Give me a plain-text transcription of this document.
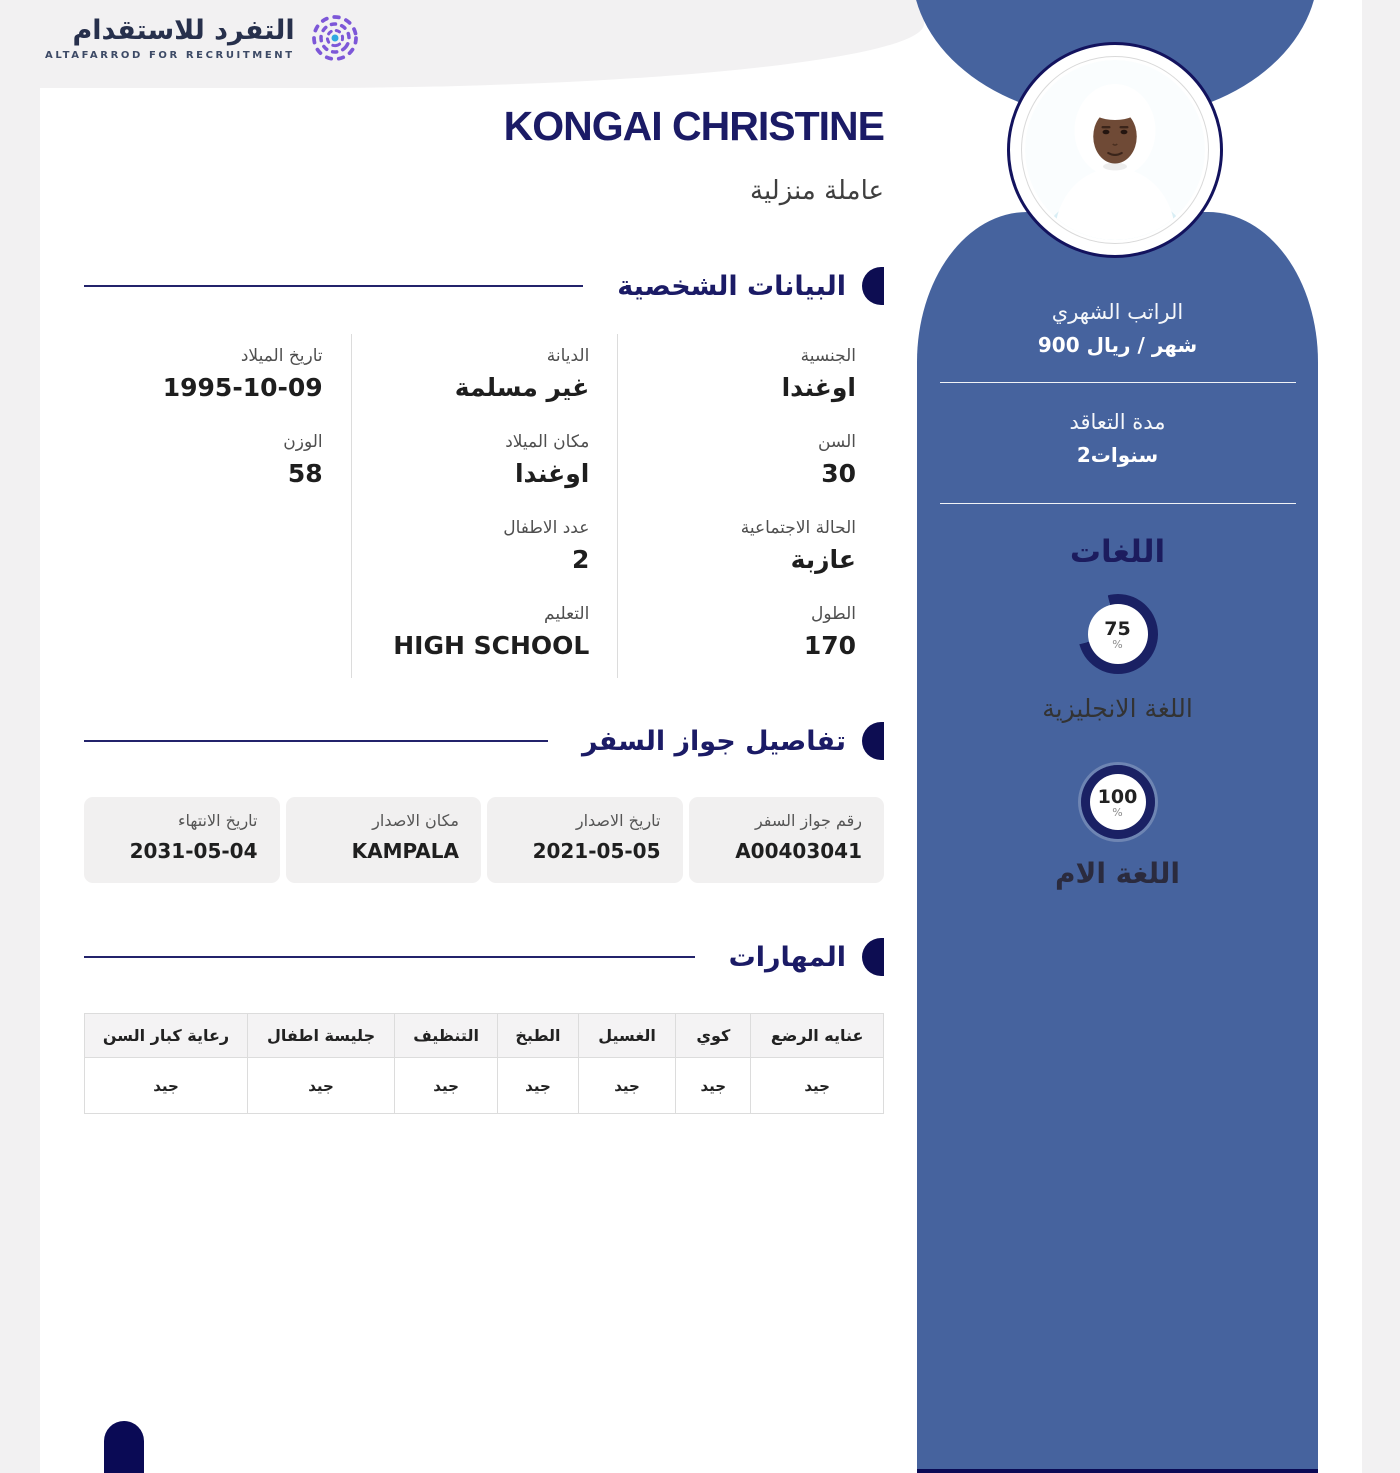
التفرد للاستقدام
ALTAFARROD FOR RECRUITMENT
الراتب الشهري
900 ريال / شهر
مدة التعاقد
2سنوات
اللغات
75
%
اللغة الانجليزية
100
%
اللغة الام
KONGAI CHRISTINE
عاملة منزلية
البيانات الشخصية
الجنسية
اوغندا
الديانة
غير مسلمة
تاريخ الميلاد
1995-10-09
السن
30
مكان الميلاد
اوغندا
الوزن
58
الحالة الاجتماعية
عازبة
عدد الاطفال
2
الطول
170
التعليم
HIGH SCHOOL
تفاصيل جواز السفر
رقم جواز السفر
A00403041
تاريخ الاصدار
2021-05-05
مكان الاصدار
KAMPALA
تاريخ الانتهاء
2031-05-04
المهارات
عنايه الرضع	كوي	الغسيل	الطبخ	التنظيف	جليسة اطفال	رعاية كبار السن
جيد	جيد	جيد	جيد	جيد	جيد	جيد
